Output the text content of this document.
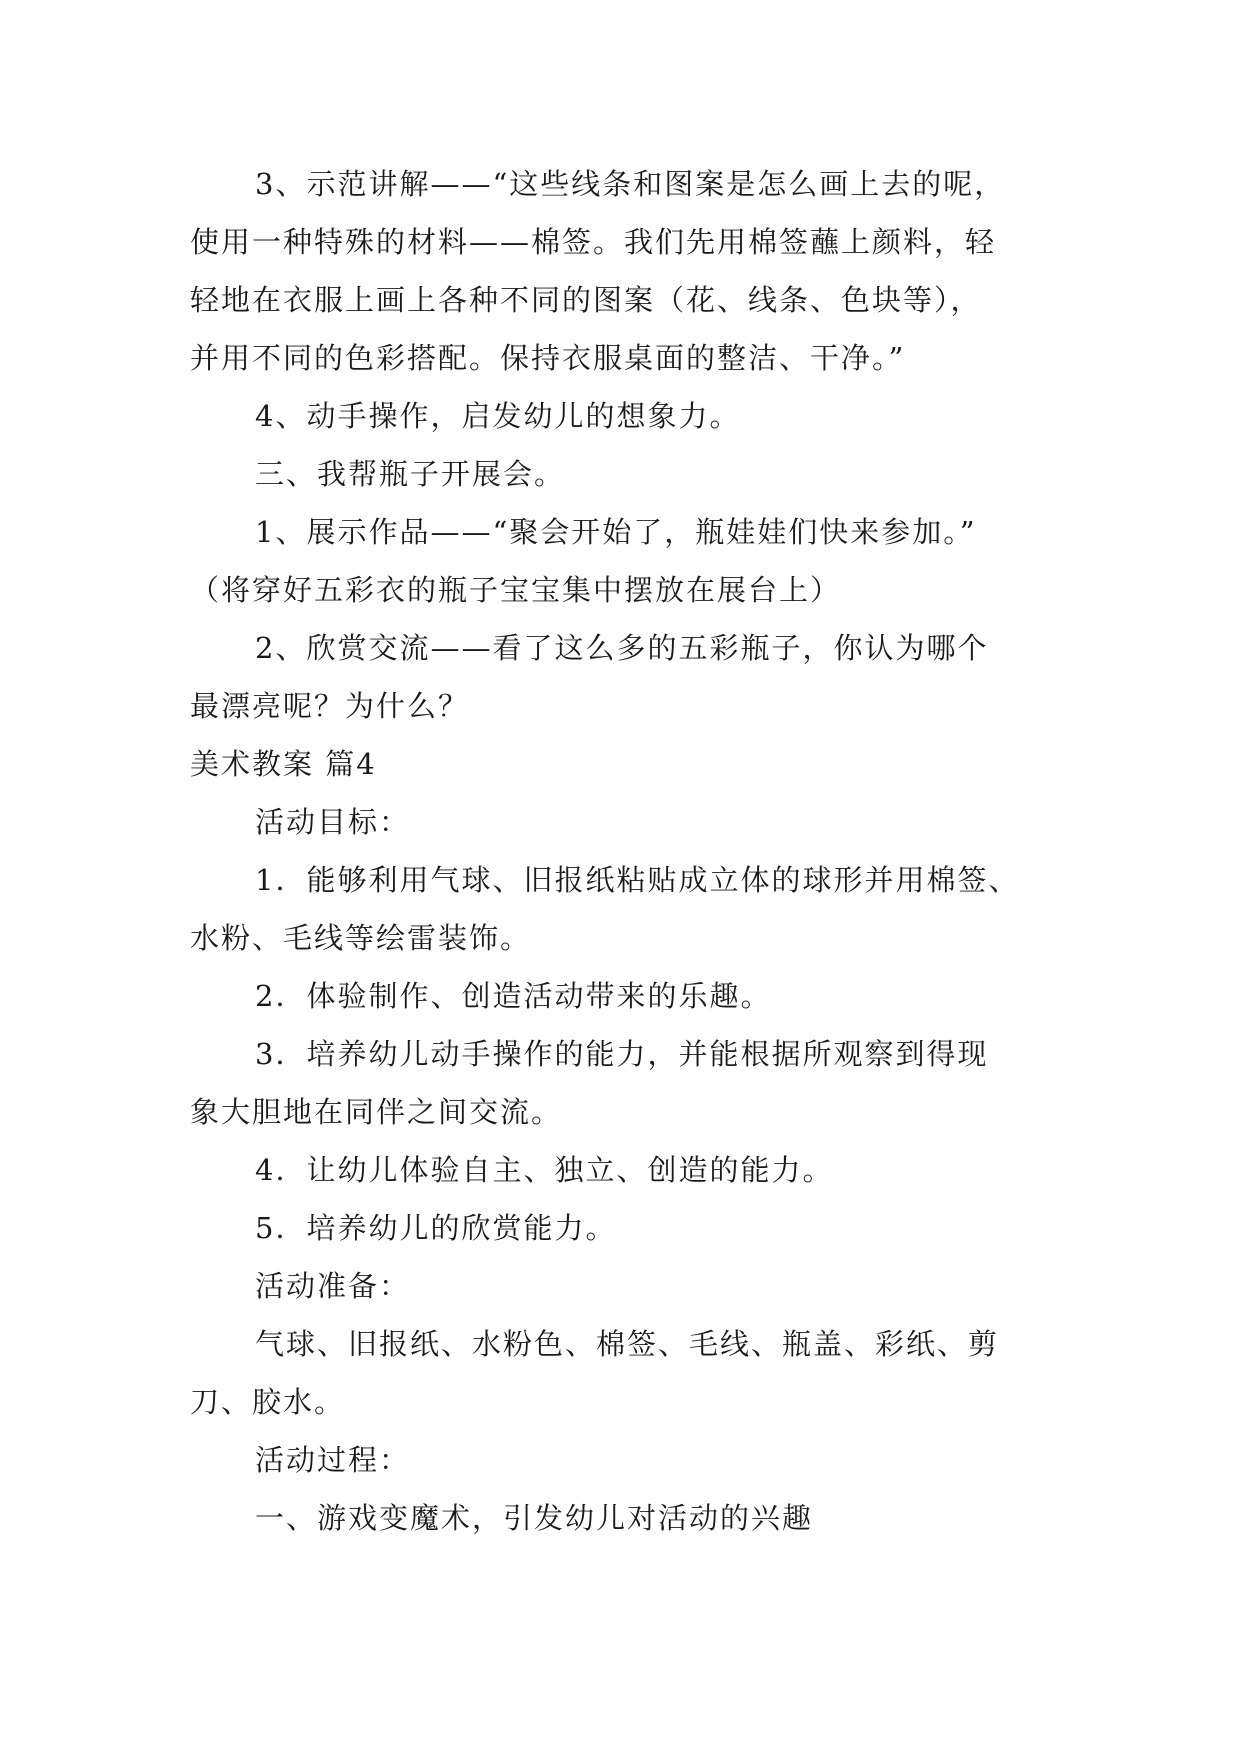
3、示范讲解——“这些线条和图案是怎么画上去的呢，
使用一种特殊的材料——棉签。我们先用棉签蘸上颜料，轻
轻地在衣服上画上各种不同的图案（花、线条、色块等），
并用不同的色彩搭配。保持衣服桌面的整洁、干净。”
4、动手操作，启发幼儿的想象力。
三、我帮瓶子开展会。
1、展示作品——“聚会开始了，瓶娃娃们快来参加。”
（将穿好五彩衣的瓶子宝宝集中摆放在展台上）
2、欣赏交流——看了这么多的五彩瓶子，你认为哪个
最漂亮呢？为什么？
美术教案 篇4
活动目标：
1．能够利用气球、旧报纸粘贴成立体的球形并用棉签、
水粉、毛线等绘雷装饰。
2．体验制作、创造活动带来的乐趣。
3．培养幼儿动手操作的能力，并能根据所观察到得现
象大胆地在同伴之间交流。
4．让幼儿体验自主、独立、创造的能力。
5．培养幼儿的欣赏能力。
活动准备：
气球、旧报纸、水粉色、棉签、毛线、瓶盖、彩纸、剪
刀、胶水。
活动过程：
一、游戏变魔术，引发幼儿对活动的兴趣
